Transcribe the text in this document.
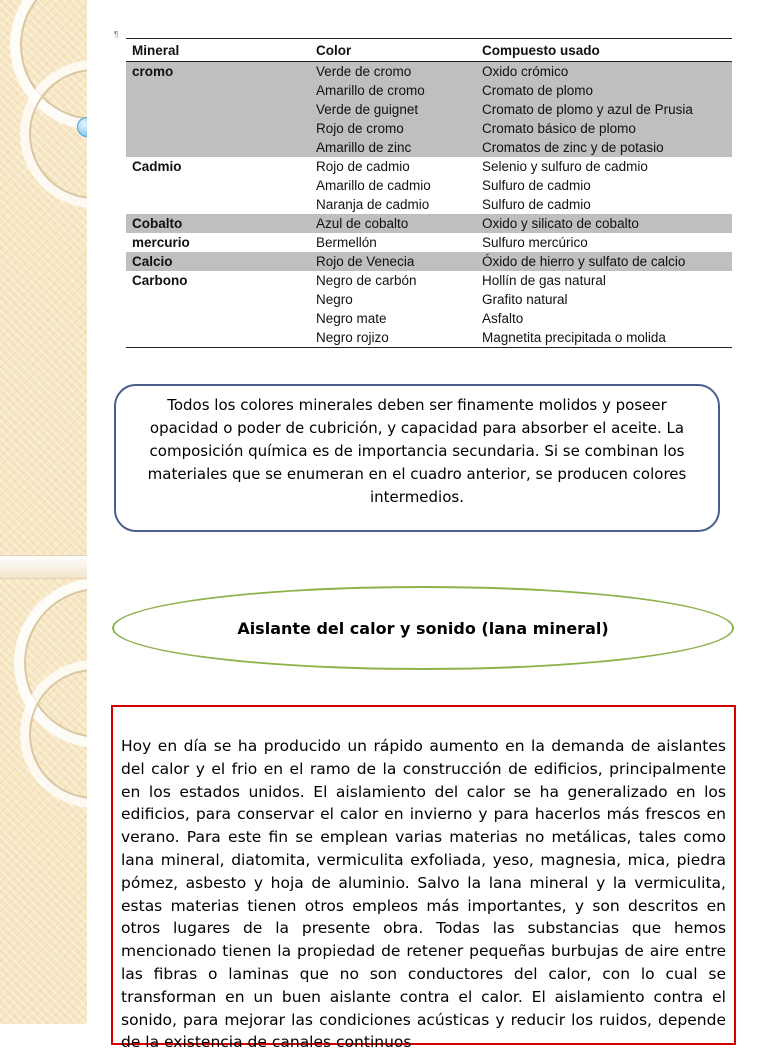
¶
Mineral	Color	Compuesto usado
cromo	Verde de cromo	Oxido crómico
	Amarillo de cromo	Cromato de plomo
	Verde de guignet	Cromato de plomo y azul de Prusia
	Rojo de cromo	Cromato básico de plomo
	Amarillo de zinc	Cromatos de zinc y de potasio
Cadmio	Rojo de cadmio	Selenio y sulfuro de cadmio
	Amarillo de cadmio	Sulfuro de cadmio
	Naranja de cadmio	Sulfuro de cadmio
Cobalto	Azul de cobalto	Oxido y silicato de cobalto
mercurio	Bermellón	Sulfuro mercúrico
Calcio	Rojo de Venecia	Óxido de hierro y sulfato de calcio
Carbono	Negro de carbón	Hollín de gas natural
	Negro	Grafito natural
	Negro mate	Asfalto
	Negro rojizo	Magnetita precipitada o molida
Todos los colores minerales deben ser finamente molidos y poseer opacidad o poder de cubrición, y capacidad para absorber el aceite. La composición química es de importancia secundaria. Si se combinan los materiales que se enumeran en el cuadro anterior, se producen colores intermedios.
Aislante del calor y sonido (lana mineral)
Hoy en día se ha producido un rápido aumento en la demanda de aislantes del calor y el frio en el ramo de la construcción de edificios, principalmente en los estados unidos. El aislamiento del calor se ha generalizado en los edificios, para conservar el calor en invierno y para hacerlos más frescos en verano. Para este fin se emplean varias materias no metálicas, tales como lana mineral, diatomita, vermiculita exfoliada, yeso, magnesia, mica, piedra pómez, asbesto y hoja de aluminio. Salvo la lana mineral y la vermiculita, estas materias tienen otros empleos más importantes, y son descritos en otros lugares de la presente obra. Todas las substancias que hemos mencionado tienen la propiedad de retener pequeñas burbujas de aire entre las fibras o laminas que no son conductores del calor, con lo cual se transforman en un buen aislante contra el calor. El aislamiento contra el sonido, para mejorar las condiciones acústicas y reducir los ruidos, depende de la existencia de canales continuos
